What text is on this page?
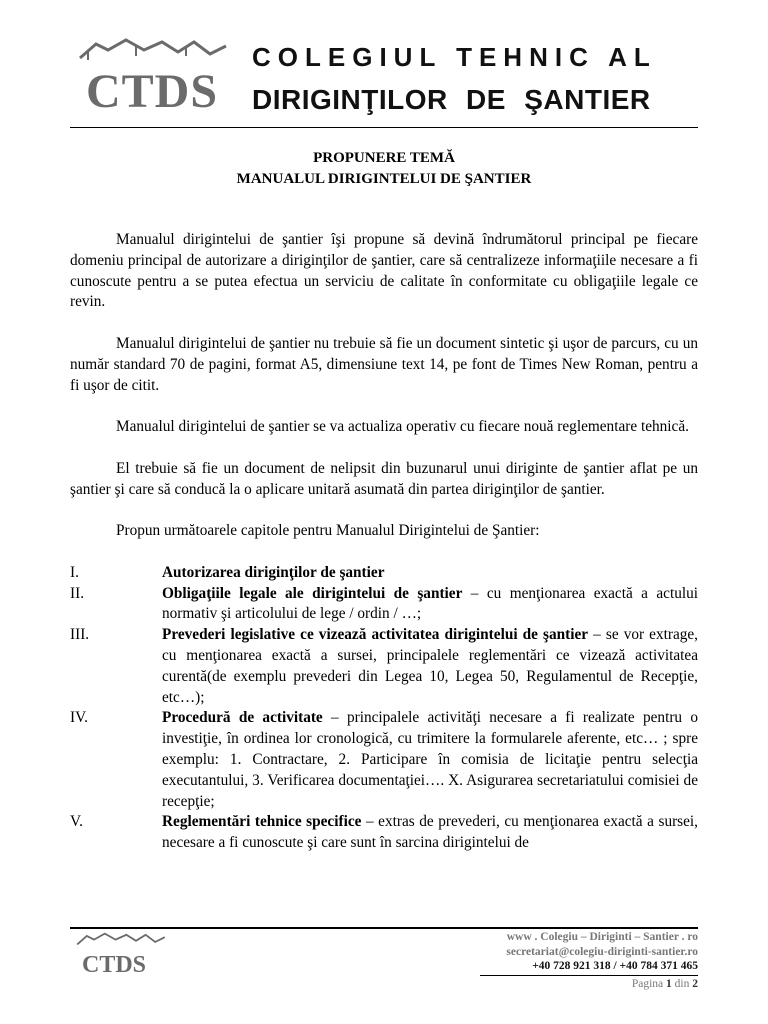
CTDS
COLEGIUL TEHNIC AL
DIRIGINŢILOR DE ŞANTIER
PROPUNERE TEMĂ
MANUALUL DIRIGINTELUI DE ŞANTIER

Manualul dirigintelui de şantier îşi propune să devină îndrumătorul principal pe fiecare domeniu principal de autorizare a diriginţilor de şantier, care să centralizeze informaţiile necesare a fi cunoscute pentru a se putea efectua un serviciu de calitate în conformitate cu obligaţiile legale ce revin.

Manualul dirigintelui de şantier nu trebuie să fie un document sintetic şi uşor de parcurs, cu un număr standard 70 de pagini, format A5, dimensiune text 14, pe font de Times New Roman, pentru a fi uşor de citit.

Manualul dirigintelui de şantier se va actualiza operativ cu fiecare nouă reglementare tehnică.

El trebuie să fie un document de nelipsit din buzunarul unui diriginte de şantier aflat pe un şantier şi care să conducă la o aplicare unitară asumată din partea diriginţilor de şantier.

Propun următoarele capitole pentru Manualul Dirigintelui de Şantier:

I.	Autorizarea diriginţilor de şantier
II.	Obligaţiile legale ale dirigintelui de şantier – cu menţionarea exactă a actului normativ şi articolului de lege / ordin / …;
III.	Prevederi legislative ce vizează activitatea dirigintelui de şantier – se vor extrage, cu menţionarea exactă a sursei, principalele reglementări ce vizează activitatea curentă(de exemplu prevederi din Legea 10, Legea 50, Regulamentul de Recepţie, etc…);
IV.	Procedură de activitate – principalele activităţi necesare a fi realizate pentru o investiţie, în ordinea lor cronologică, cu trimitere la formularele aferente, etc… ; spre exemplu: 1. Contractare, 2. Participare în comisia de licitaţie pentru selecţia executantului, 3. Verificarea documentaţiei…. X. Asigurarea secretariatului comisiei de recepţie;
V.	Reglementări tehnice specifice – extras de prevederi, cu menţionarea exactă a sursei, necesare a fi cunoscute şi care sunt în sarcina dirigintelui de
CTDS
www . Colegiu – Diriginti – Santier . ro
secretariat@colegiu-diriginti-santier.ro
+40 728 921 318 / +40 784 371 465
Pagina 1 din 2
